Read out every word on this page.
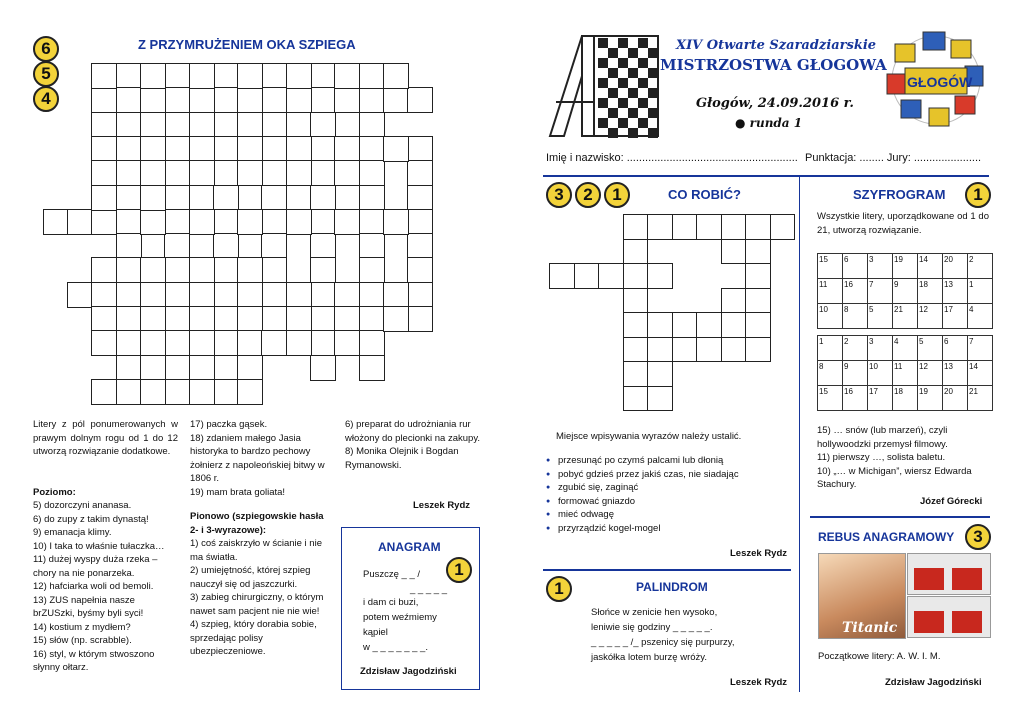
6
5
4
Z PRZYMRUŻENIEM OKA SZPIEGA
Litery z pól ponumerowanych w prawym dolnym rogu od 1 do 12 utworzą rozwiązanie dodatkowe.
Poziomo:
5) dozorczyni ananasa.
6) do zupy z takim dynastą!
9) emanacja klimy.
10) I taka to właśnie tułaczka…
11) dużej wyspy duża rzeka – chory na nie ponarzeka.
12) hafciarka woli od bemoli.
13) ZUS napełnia nasze brZUSzki, byśmy byli syci!
14) kostium z mydłem?
15) słów (np. scrabble).
16) styl, w którym stwoszono słynny ołtarz.
17) paczka gąsek.
18) zdaniem małego Jasia historyka to bardzo pechowy żołnierz z napoleońskiej bitwy w 1806 r.
19) mam brata goliata!
Pionowo (szpiegowskie hasła 2- i 3-wyrazowe):
1) coś zaiskrzyło w ścianie i nie ma światła.
2) umiejętność, której szpieg nauczył się od jaszczurki.
3) zabieg chirurgiczny, o którym nawet sam pacjent nie nie wie!
4) szpieg, który dorabia sobie, sprzedając polisy ubezpieczeniowe.
6) preparat do udrożniania rur włożony do plecionki na zakupy.
8) Monika Olejnik i Bogdan Rymanowski.
Leszek Rydz
ANAGRAM
1
Puszczę _ _ /
_ _ _ _ _
i dam ci buzi,
potem weźmiemy
kąpiel
w _ _ _ _ _ _ _.
Zdzisław Jagodziński
XIV Otwarte Szaradziarskie
MISTRZOSTWA GŁOGOWA
Głogów, 24.09.2016 r.
● runda 1
GŁOGÓW
Imię i nazwisko: ........................................................ Punktacja: ........ Jury: ......................
3	2	1	CO ROBIĆ?
Miejsce wpisywania wyrazów należy ustalić.
● przesunąć po czymś palcami lub dłonią
● pobyć gdzieś przez jakiś czas, nie siadając
● zgubić się, zaginąć
● formować gniazdo
● mieć odwagę
● przyrządzić kogel-mogel
Leszek Rydz
1	PALINDROM
Słońce w zenicie hen wysoko,
leniwie się godziny _ _ _ _ _.
_ _ _ _ _ /_ pszenicy się purpurzy,
jaskółka lotem burzę wróży.
Leszek Rydz
SZYFROGRAM	1
Wszystkie litery, uporządkowane od 1 do 21, utworzą rozwiązanie.
15	6	3	19	14	20	2
11	16	7	9	18	13	1
10	8	5	21	12	17	4
1	2	3	4	5	6	7
8	9	10	11	12	13	14
15	16	17	18	19	20	21
15) … snów (lub marzeń), czyli hollywoodzki przemysł filmowy.
11) pierwszy …, solista baletu.
10) „… w Michigan”, wiersz Edwarda Stachury.
Józef Górecki
REBUS ANAGRAMOWY	3
Titanic
Początkowe litery: A. W. I. M.
Zdzisław Jagodziński
